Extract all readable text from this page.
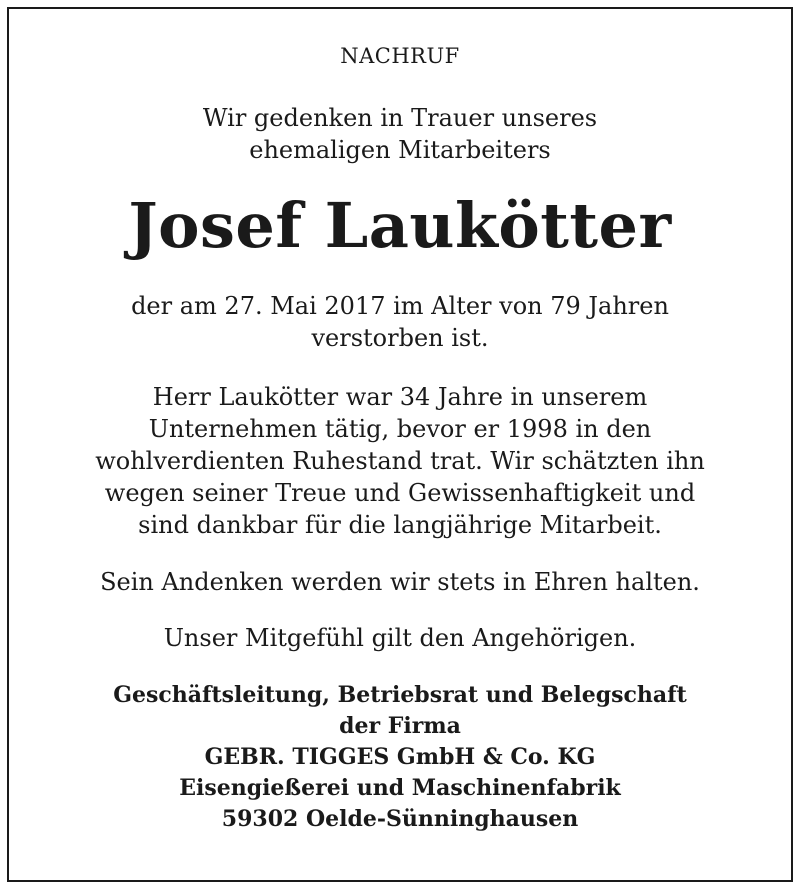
NACHRUF
Wir gedenken in Trauer unseres
ehemaligen Mitarbeiters
Josef Laukötter
der am 27. Mai 2017 im Alter von 79 Jahren
verstorben ist.
Herr Laukötter war 34 Jahre in unserem
Unternehmen tätig, bevor er 1998 in den
wohlverdienten Ruhestand trat. Wir schätzten ihn
wegen seiner Treue und Gewissenhaftigkeit und
sind dankbar für die langjährige Mitarbeit.
Sein Andenken werden wir stets in Ehren halten.
Unser Mitgefühl gilt den Angehörigen.
Geschäftsleitung, Betriebsrat und Belegschaft
der Firma
GEBR. TIGGES GmbH & Co. KG
Eisengießerei und Maschinenfabrik
59302 Oelde-Sünninghausen
